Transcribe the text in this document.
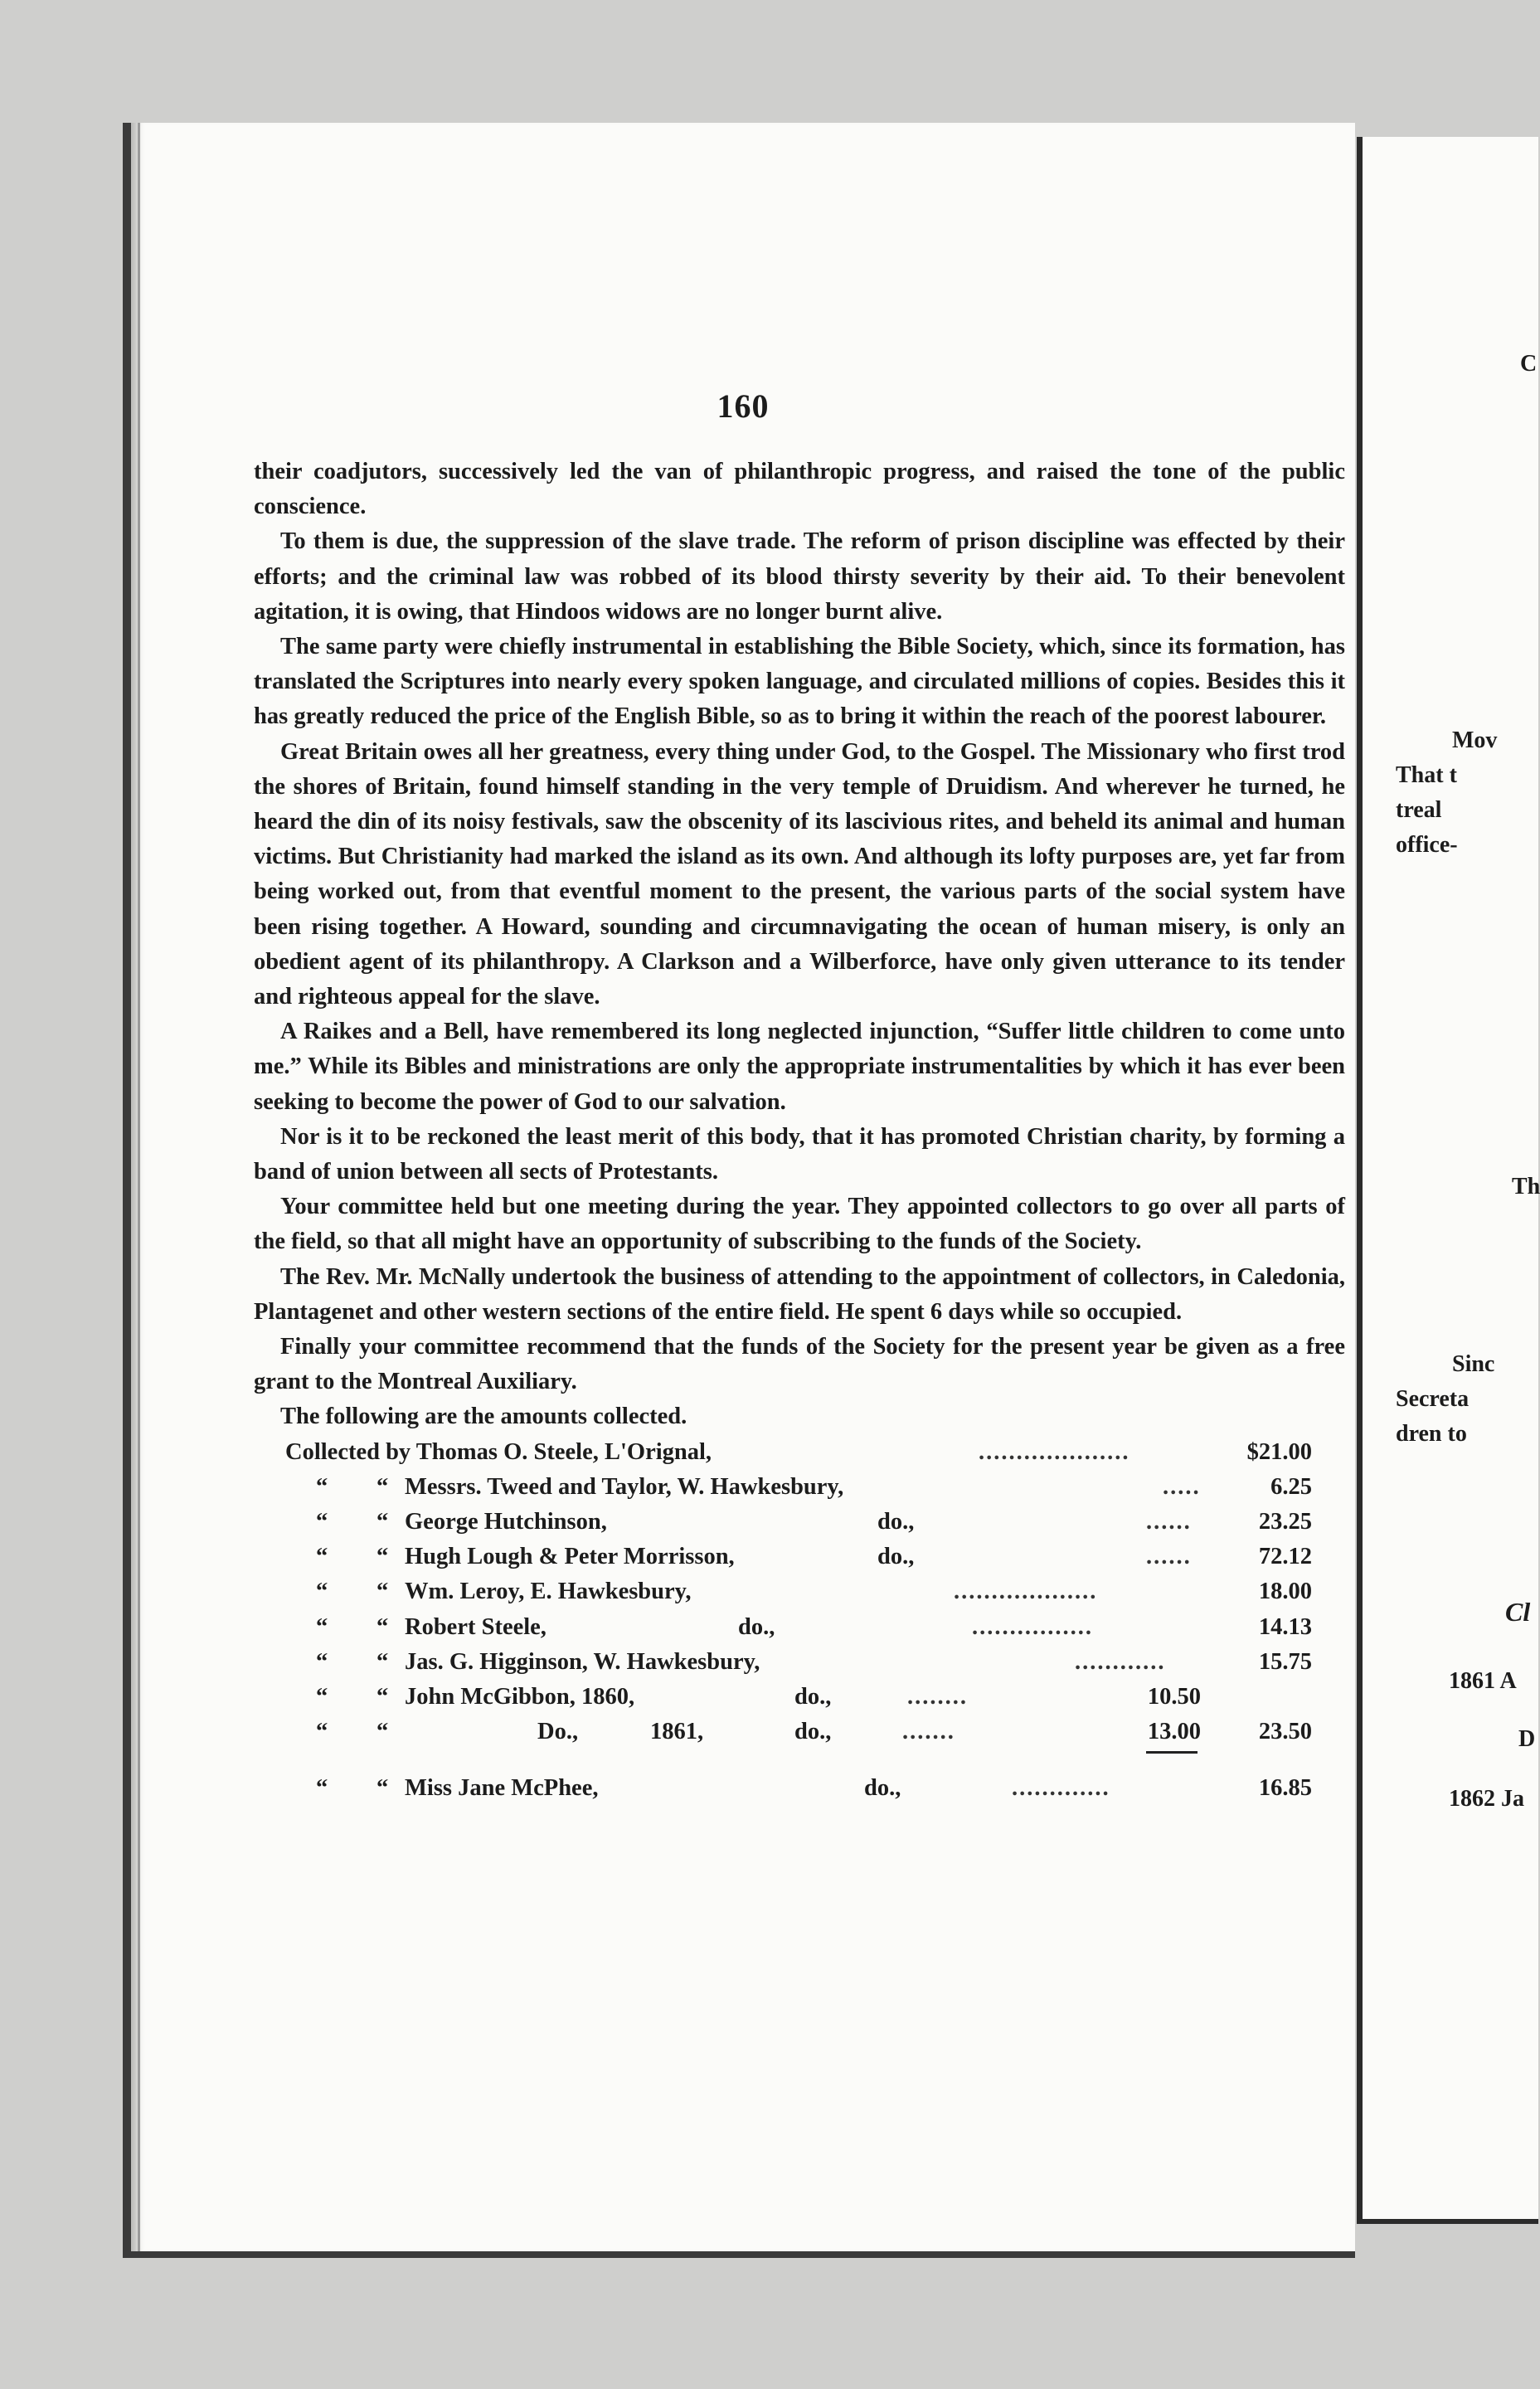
160

their coadjutors, successively led the van of philanthropic progress, and raised the tone of the public conscience.

To them is due, the suppression of the slave trade. The reform of prison discipline was effected by their efforts; and the criminal law was robbed of its blood thirsty severity by their aid. To their benevolent agitation, it is owing, that Hindoos widows are no longer burnt alive.

The same party were chiefly instrumental in establishing the Bible Society, which, since its formation, has translated the Scriptures into nearly every spoken language, and circulated millions of copies. Besides this it has greatly reduced the price of the English Bible, so as to bring it within the reach of the poorest labourer.

Great Britain owes all her greatness, every thing under God, to the Gospel. The Missionary who first trod the shores of Britain, found himself standing in the very temple of Druidism. And wherever he turned, he heard the din of its noisy festivals, saw the obscenity of its lascivious rites, and beheld its animal and human victims. But Christianity had marked the island as its own. And although its lofty purposes are, yet far from being worked out, from that eventful moment to the present, the various parts of the social system have been rising together. A Howard, sounding and circumnavigating the ocean of human misery, is only an obedient agent of its philanthropy. A Clarkson and a Wilberforce, have only given utterance to its tender and righteous appeal for the slave.

A Raikes and a Bell, have remembered its long neglected injunction, “Suffer little children to come unto me.” While its Bibles and ministrations are only the appropriate instrumentalities by which it has ever been seeking to become the power of God to our salvation.

Nor is it to be reckoned the least merit of this body, that it has promoted Christian charity, by forming a band of union between all sects of Protestants.

Your committee held but one meeting during the year. They appointed collectors to go over all parts of the field, so that all might have an opportunity of subscribing to the funds of the Society.

The Rev. Mr. McNally undertook the business of attending to the appointment of collectors, in Caledonia, Plantagenet and other western sections of the entire field. He spent 6 days while so occupied.

Finally your committee recommend that the funds of the Society for the present year be given as a free grant to the Montreal Auxiliary.

The following are the amounts collected.

Collected by Thomas O. Steele, L'Orignal,	....................	$21.00
“ “ Messrs. Tweed and Taylor, W. Hawkesbury,	.....	6.25
“ “ George Hutchinson,	do.,	......	23.25
“ “ Hugh Lough & Peter Morrisson,	do.,	......	72.12
“ “ Wm. Leroy, E. Hawkesbury,	...................	18.00
“ “ Robert Steele,	do.,	................	14.13
“ “ Jas. G. Higginson, W. Hawkesbury,	............	15.75
“ “ John McGibbon, 1860,	do.,	........	10.50
“ “	Do.,	1861,	do.,	.......	13.00	23.50
“ “ Miss Jane McPhee,	do.,	.............	16.85
C
Mov
That t
treal
office-
Th
Sinc
Secreta
dren to
Cl
1861 A
D
1862 Ja
